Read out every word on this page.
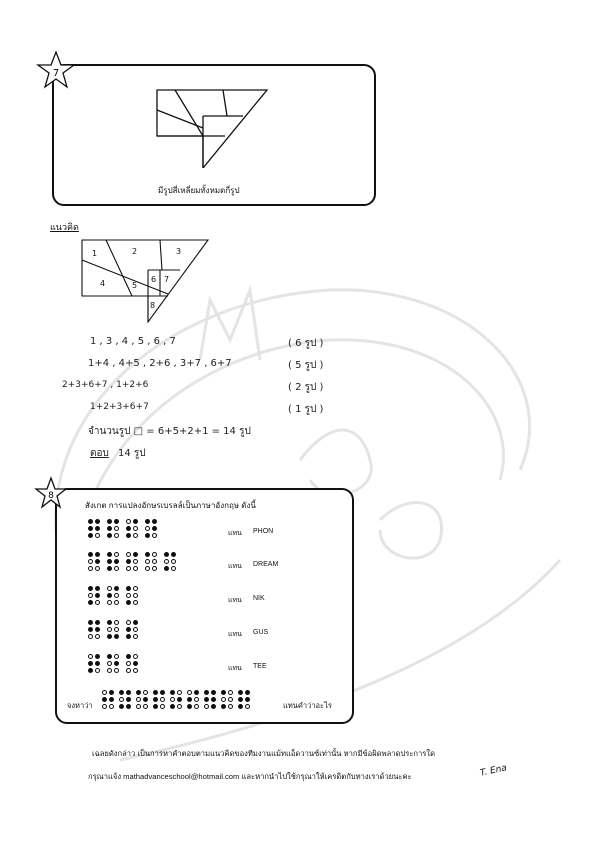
7
มีรูปสี่เหลี่ยมทั้งหมดกี่รูป
แนวคิด
1	2	3
4	5
6 7
8
1 , 3 , 4 , 5 , 6 , 7	( 6 รูป )
1+4 , 4+5 , 2+6 , 3+7 , 6+7	( 5 รูป )
2+3+6+7 , 1+2+6	( 2 รูป )
1+2+3+6+7	( 1 รูป )
จำนวนรูป □ = 6+5+2+1 = 14 รูป
ตอบ 14 รูป
8
สังเกต การแปลงอักษรเบรลล์เป็นภาษาอังกฤษ ดังนี้
แทน PHON
แทน DREAM
แทน NIK
แทน GUS
แทน TEE
จงหาว่า	แทนคำว่าอะไร
เฉลยดังกล่าว เป็นการหาคำตอบตามแนวคิดของทีมงานแม้ทแอ็ดวานซ์เท่านั้น หากมีข้อผิดพลาดประการใด
กรุณาแจ้ง mathadvanceschool@hotmail.com และหากนำไปใช้กรุณาให้เครดิตกับทางเราด้วยนะคะ	T. Ena
